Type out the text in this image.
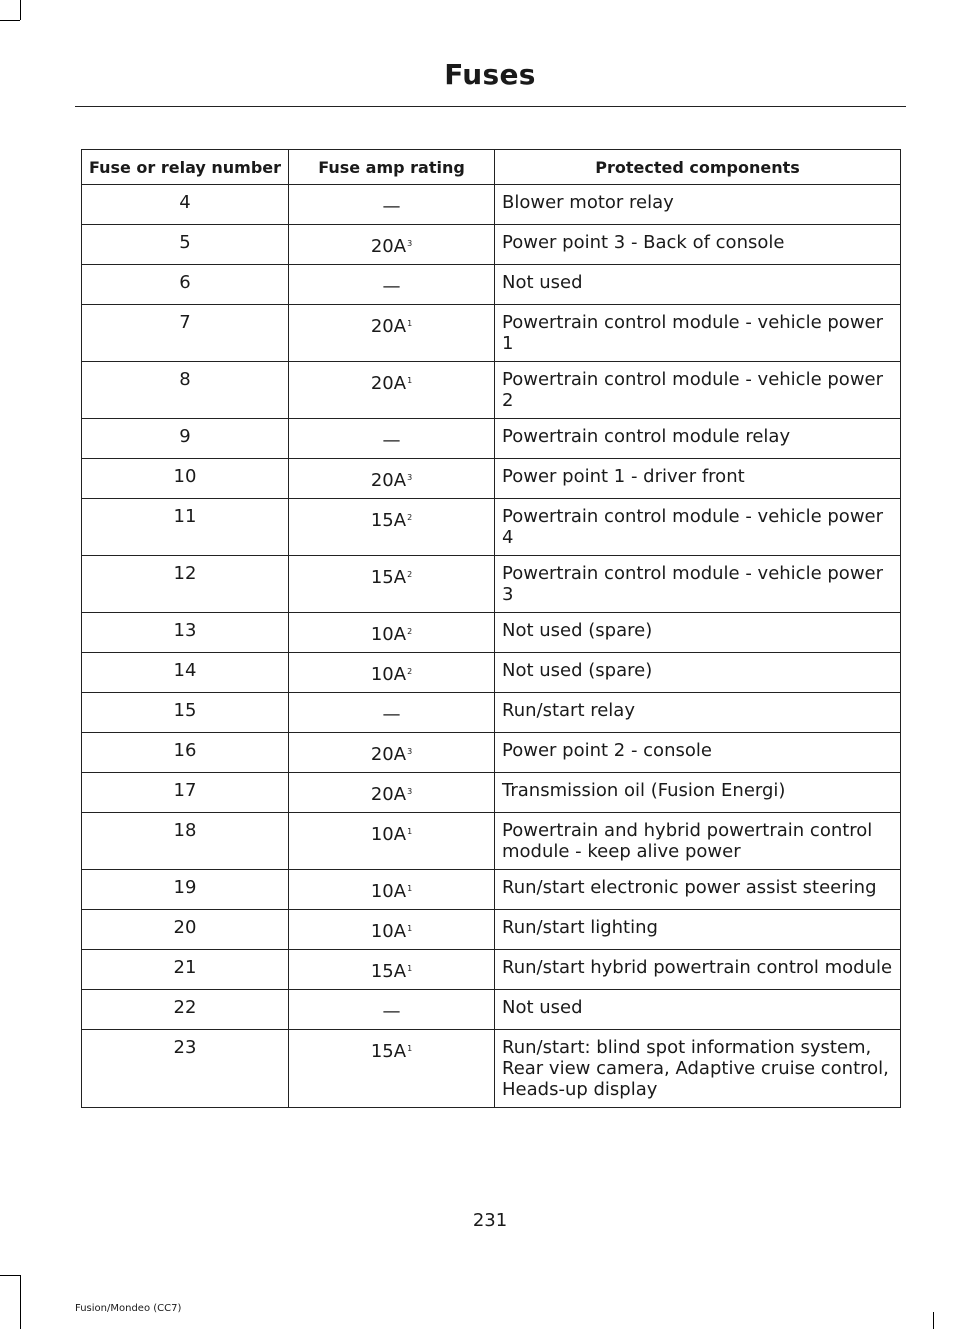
Fuses
Fuse or relay number	Fuse amp rating	Protected components
4	—	Blower motor relay
5	$20A^3$	Power point 3 - Back of console
6	—	Not used
7	$20A^1$	Powertrain control module - vehicle power 1
8	$20A^1$	Powertrain control module - vehicle power 2
9	—	Powertrain control module relay
10	$20A^3$	Power point 1 - driver front
11	$15A^2$	Powertrain control module - vehicle power 4
12	$15A^2$	Powertrain control module - vehicle power 3
13	$10A^2$	Not used (spare)
14	$10A^2$	Not used (spare)
15	—	Run/start relay
16	$20A^3$	Power point 2 - console
17	$20A^3$	Transmission oil (Fusion Energi)
18	$10A^1$	Powertrain and hybrid powertrain control module - keep alive power
19	$10A^1$	Run/start electronic power assist steering
20	$10A^1$	Run/start lighting
21	$15A^1$	Run/start hybrid powertrain control module
22	—	Not used
23	$15A^1$	Run/start: blind spot information system, Rear view camera, Adaptive cruise control, Heads-up display
231
Fusion/Mondeo (CC7)
